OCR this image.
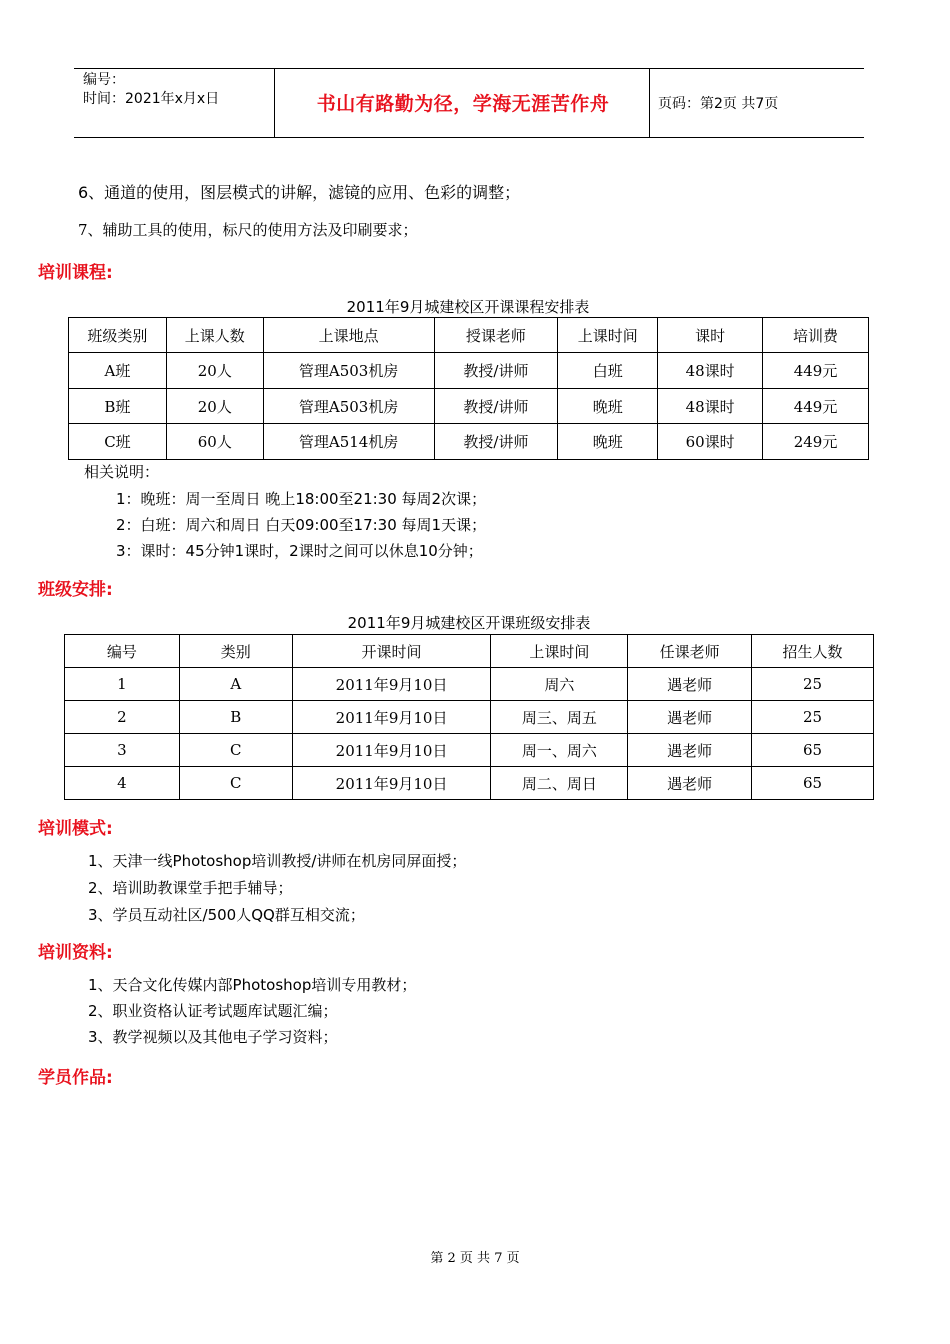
编号：
时间：2021年x月x日	书山有路勤为径，学海无涯苦作舟	页码：第2页 共7页
6、通道的使用，图层模式的讲解，滤镜的应用、色彩的调整；
7、辅助工具的使用，标尺的使用方法及印刷要求；
培训课程:
2011年9月城建校区开课课程安排表
班级类别	上课人数	上课地点	授课老师	上课时间	课时	培训费
A班	20人	管理A503机房	教授/讲师	白班	48课时	449元
B班	20人	管理A503机房	教授/讲师	晚班	48课时	449元
C班	60人	管理A514机房	教授/讲师	晚班	60课时	249元
相关说明：
1：晚班：周一至周日 晚上18:00至21:30 每周2次课；
2：白班：周六和周日 白天09:00至17:30 每周1天课；
3：课时：45分钟1课时，2课时之间可以休息10分钟；
班级安排:
2011年9月城建校区开课班级安排表
编号	类别	开课时间	上课时间	任课老师	招生人数
1	A	2011年9月10日	周六	遇老师	25
2	B	2011年9月10日	周三、周五	遇老师	25
3	C	2011年9月10日	周一、周六	遇老师	65
4	C	2011年9月10日	周二、周日	遇老师	65
培训模式:
1、天津一线Photoshop培训教授/讲师在机房同屏面授；
2、培训助教课堂手把手辅导；
3、学员互动社区/500人QQ群互相交流；
培训资料:
1、天合文化传媒内部Photoshop培训专用教材；
2、职业资格认证考试题库试题汇编；
3、教学视频以及其他电子学习资料；
学员作品:
第 2 页 共 7 页
